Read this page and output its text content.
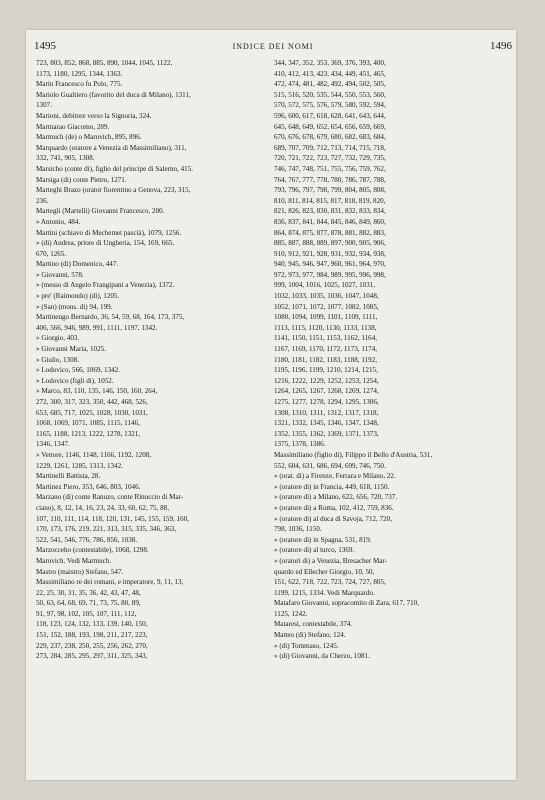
1495	INDICE DEI NOMI	1496
723, 803, 852, 868, 885, 890, 1044, 1045, 1122,
1173, 1180, 1295, 1344, 1363.
Marin Francesco fu Polo, 775.
Mariolo Gualtiero (favorito del duca di Milano), 1311,
1307.
Marioni, debitore verso la Signoria, 324.
Marmarao Giacomo, 289.
Marmuch (de) o Maruvich, 895, 896.
Marquardo (oratore a Venezia di Massimiliano), 311,
332, 741, 905, 1308.
Marsicho (conte di), figlio del principe di Salerno, 415.
Marsiga (di) conte Pietro, 1271.
Marteghi Brazo (orator fiorentino a Genova, 223, 315,
236.
Martegli (Martelli) Giovanni Francesco, 200.
» Antonio, 484.
Martini (schiavo di Mechemet pascià), 1079, 1256.
» (di) Andrea, priore di Ungheria, 154, 169, 665,
670, 1265.
Martino (di) Domenico, 447.
» Giovanni, 578.
» (messo di Angelo Frangipani a Venezia), 1372.
» pre' (Raimondo) (di), 1205.
» (San) (mons. di) 94, 199.
Martinengo Bernardo, 36, 54, 59, 68, 164, 173, 375,
406, 566, 946, 989, 991, 1111, 1197, 1342.
» Giorgio, 403.
» Giovanni Maria, 1025.
» Giulio, 1308.
» Lodovico, 566, 1069, 1342.
» Lodovico (figli di), 1052.
» Marco, 83, 110, 135, 146, 150, 160, 264,
272, 300, 317, 323, 350, 442, 468, 526,
653, 685, 717, 1025, 1028, 1030, 1031,
1068, 1069, 1071, 1085, 1115, 1146,
1165, 1188, 1213, 1222, 1278, 1321,
1346, 1347.
» Vettore, 1146, 1148, 1166, 1192, 1208,
1229, 1261, 1285, 1313, 1342.
Martinelli Battista, 28.
Martinez Piero, 353, 646, 803, 1046.
Marzano (di) conte Ranuzo, conte Rinuccio di Mar-
ciano), 8, 12, 14, 16, 23, 24, 33, 60, 62, 75, 88,
107, 110, 111, 114, 118, 120, 131, 145, 155, 159, 160,
170, 173, 176, 219, 221, 313, 315, 335, 346, 363,
522, 541, 546, 776, 786, 856, 1038.
Marzocceho (contestabile), 1068, 1298.
Maruvich. Vedi Marmuch.
Mastro (maistro) Stefano, 547.
Massimiliano re dei romani, e imperatore, 9, 11, 13,
22, 25, 30, 31, 35, 36, 42, 43, 47, 48,
50, 63, 64, 68, 69, 71, 73, 75, 80, 89,
91, 97, 98, 102, 105, 107, 111, 112,
118, 123, 124, 132, 133, 139, 140, 150,
151, 152, 188, 193, 198, 211, 217, 223,
229, 237, 238, 250, 255, 256, 262, 270,
273, 284, 285, 295, 297, 311, 325, 343,
344, 347, 352, 353, 369, 376, 393, 400,
410, 412, 413, 423, 434, 449, 451, 465,
472, 474, 481, 482, 492, 494, 502, 505,
515, 516, 520, 535, 544, 550, 553, 560,
570, 572, 575, 576, 579, 580, 592, 594,
596, 600, 617, 618, 628, 641, 643, 644,
645, 648, 649, 652, 654, 656, 659, 669,
670, 676, 678, 679, 680, 682, 683, 684,
689, 707, 709, 712, 713, 714, 715, 718,
720, 721, 722, 723, 727, 732, 729, 735,
746, 747, 748, 751, 755, 756, 759, 762,
764, 767, 777, 778, 780, 786, 787, 788,
793, 796, 797, 798, 799, 804, 805, 808,
810, 811, 814, 815, 817, 818, 819, 820,
821, 826, 823, 830, 831, 832, 833, 834,
836, 837, 841, 844, 845, 846, 849, 860,
864, 874, 875, 877, 878, 881, 882, 883,
885, 887, 888, 889, 897, 900, 905, 906,
910, 912, 921, 928, 931, 932, 934, 938,
940, 945, 946, 947, 960, 961, 964, 970,
972, 973, 977, 984, 989, 995, 996, 998,
999, 1004, 1016, 1025, 1027, 1031,
1032, 1033, 1035, 1036, 1047, 1048,
1052, 1071, 1072, 1077, 1082, 1085,
1080, 1094, 1099, 1101, 1109, 1111,
1113, 1115, 1120, 1130, 1133, 1138,
1141, 1150, 1151, 1153, 1162, 1164,
1167, 1169, 1170, 1172, 1173, 1174,
1180, 1181, 1182, 1183, 1188, 1192,
1195, 1196, 1199, 1210, 1214, 1215,
1216, 1222, 1229, 1252, 1253, 1254,
1264, 1265, 1267, 1268, 1269, 1274,
1275, 1277, 1278, 1294, 1295, 1306,
1308, 1310, 1311, 1312, 1317, 1318,
1321, 1332, 1345, 1346, 1347, 1348,
1352, 1355, 1362, 1369, 1371, 1373,
1375, 1378, 1386.
Massimiliano (figlio di), Filippo il Bello d'Austria, 531,
552, 604, 631, 686, 694, 699, 746, 750.
» (orat. di) a Firenze, Ferrara e Milano, 22.
» (oratore di) in Francia, 449, 618, 1150.
» (oratore di) a Milano, 622, 656, 720, 737.
» (oratore di) a Roma, 102, 412, 759, 836.
» (oratore di) al duca di Savoja, 712, 720,
798, 1036, 1150.
» (oratore di) in Spagna, 531, 819.
» (oratore di) al turco, 1369.
» (oratori di) a Venezia, Bresacher Mar-
quardo ed Ellecher Giorgio, 10, 50,
151, 622, 718, 722, 723, 724, 727, 805,
1199, 1215, 1334. Vedi Marquardo.
Matafaro Giovanni, sopracomito di Zara, 617, 710,
1125, 1242.
Mataresi, contestabile, 374.
Matteo (di) Stefano, 124.
» (di) Tommaso, 1245.
» (di) Giovanni, da Cherzo, 1081.
